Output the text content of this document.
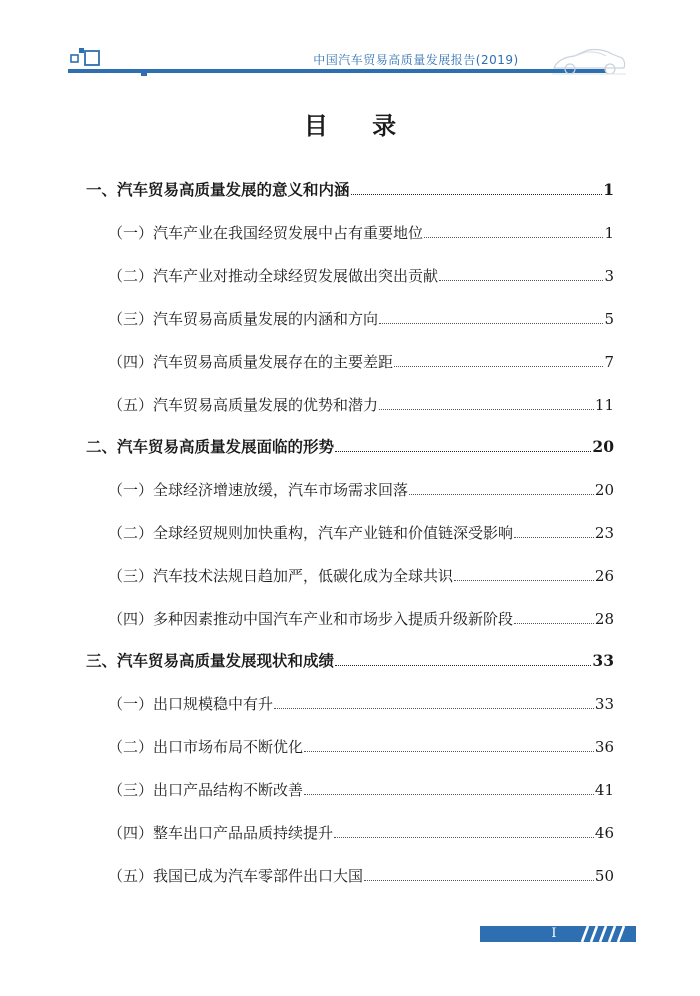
中国汽车贸易高质量发展报告(2019)
目 录
一、汽车贸易高质量发展的意义和内涵	1
（一）汽车产业在我国经贸发展中占有重要地位	1
（二）汽车产业对推动全球经贸发展做出突出贡献	3
（三）汽车贸易高质量发展的内涵和方向	5
（四）汽车贸易高质量发展存在的主要差距	7
（五）汽车贸易高质量发展的优势和潜力	11
二、汽车贸易高质量发展面临的形势	20
（一）全球经济增速放缓，汽车市场需求回落	20
（二）全球经贸规则加快重构，汽车产业链和价值链深受影响	23
（三）汽车技术法规日趋加严，低碳化成为全球共识	26
（四）多种因素推动中国汽车产业和市场步入提质升级新阶段	28
三、汽车贸易高质量发展现状和成绩	33
（一）出口规模稳中有升	33
（二）出口市场布局不断优化	36
（三）出口产品结构不断改善	41
（四）整车出口产品品质持续提升	46
（五）我国已成为汽车零部件出口大国	50
I
